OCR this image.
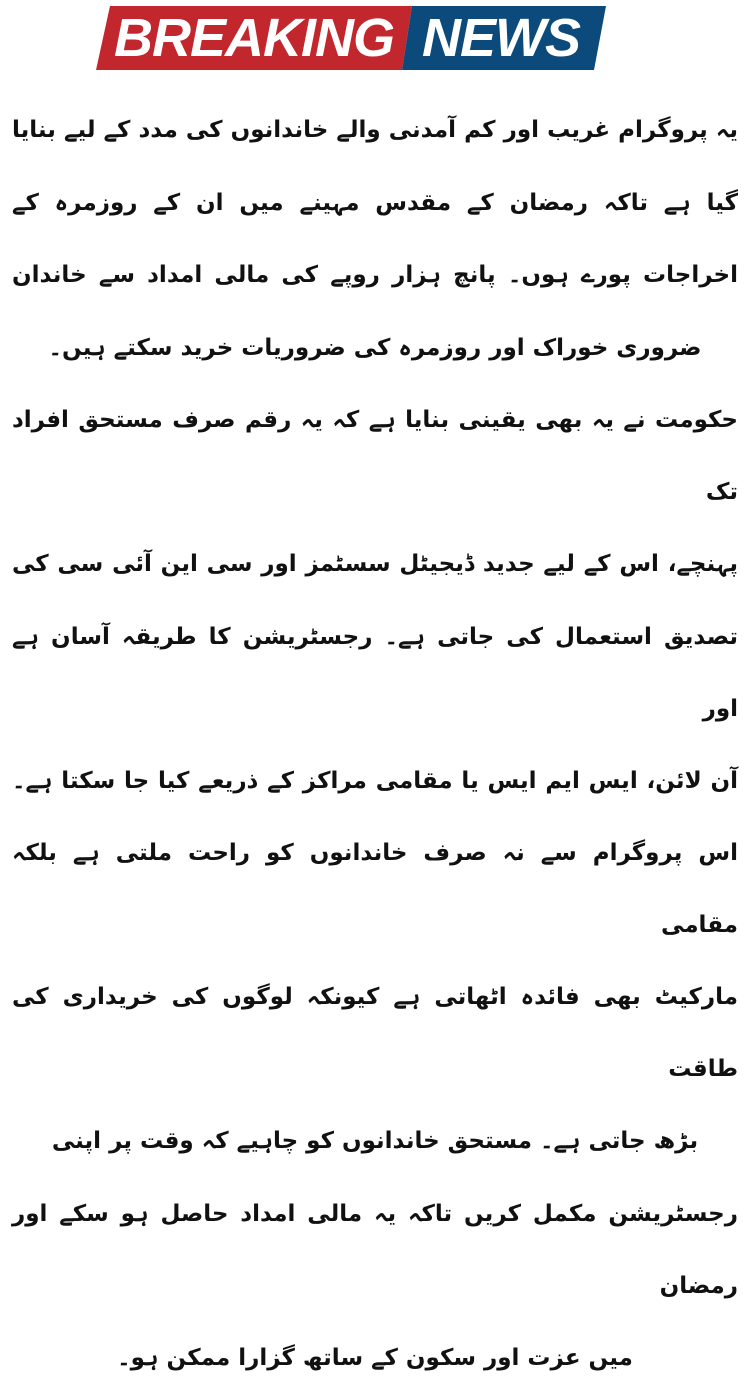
BREAKING NEWS
یہ پروگرام غریب اور کم آمدنی والے خاندانوں کی مدد کے لیے بنایا
گیا ہے تاکہ رمضان کے مقدس مہینے میں ان کے روزمرہ کے
اخراجات پورے ہوں۔ پانچ ہزار روپے کی مالی امداد سے خاندان
ضروری خوراک اور روزمرہ کی ضروریات خرید سکتے ہیں۔
حکومت نے یہ بھی یقینی بنایا ہے کہ یہ رقم صرف مستحق افراد تک
پہنچے، اس کے لیے جدید ڈیجیٹل سسٹمز اور سی این آئی سی کی
تصدیق استعمال کی جاتی ہے۔ رجسٹریشن کا طریقہ آسان ہے اور
آن لائن، ایس ایم ایس یا مقامی مراکز کے ذریعے کیا جا سکتا ہے۔
اس پروگرام سے نہ صرف خاندانوں کو راحت ملتی ہے بلکہ مقامی
مارکیٹ بھی فائدہ اٹھاتی ہے کیونکہ لوگوں کی خریداری کی طاقت
بڑھ جاتی ہے۔ مستحق خاندانوں کو چاہیے کہ وقت پر اپنی
رجسٹریشن مکمل کریں تاکہ یہ مالی امداد حاصل ہو سکے اور رمضان
میں عزت اور سکون کے ساتھ گزارا ممکن ہو۔
